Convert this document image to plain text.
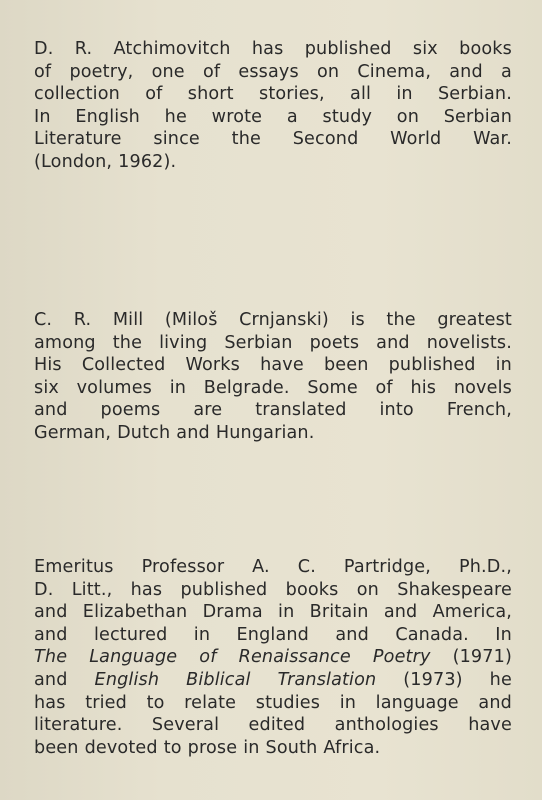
D. R. Atchimovitch has published six books
of poetry, one of essays on Cinema, and a
collection of short stories, all in Serbian.
In English he wrote a study on Serbian
Literature since the Second World War.
(London, 1962).
C. R. Mill (Miloš Crnjanski) is the greatest
among the living Serbian poets and novelists.
His Collected Works have been published in
six volumes in Belgrade. Some of his novels
and poems are translated into French,
German, Dutch and Hungarian.
Emeritus Professor A. C. Partridge, Ph.D.,
D. Litt., has published books on Shakespeare
and Elizabethan Drama in Britain and America,
and lectured in England and Canada. In
The Language of Renaissance Poetry (1971)
and English Biblical Translation (1973) he
has tried to relate studies in language and
literature. Several edited anthologies have
been devoted to prose in South Africa.
